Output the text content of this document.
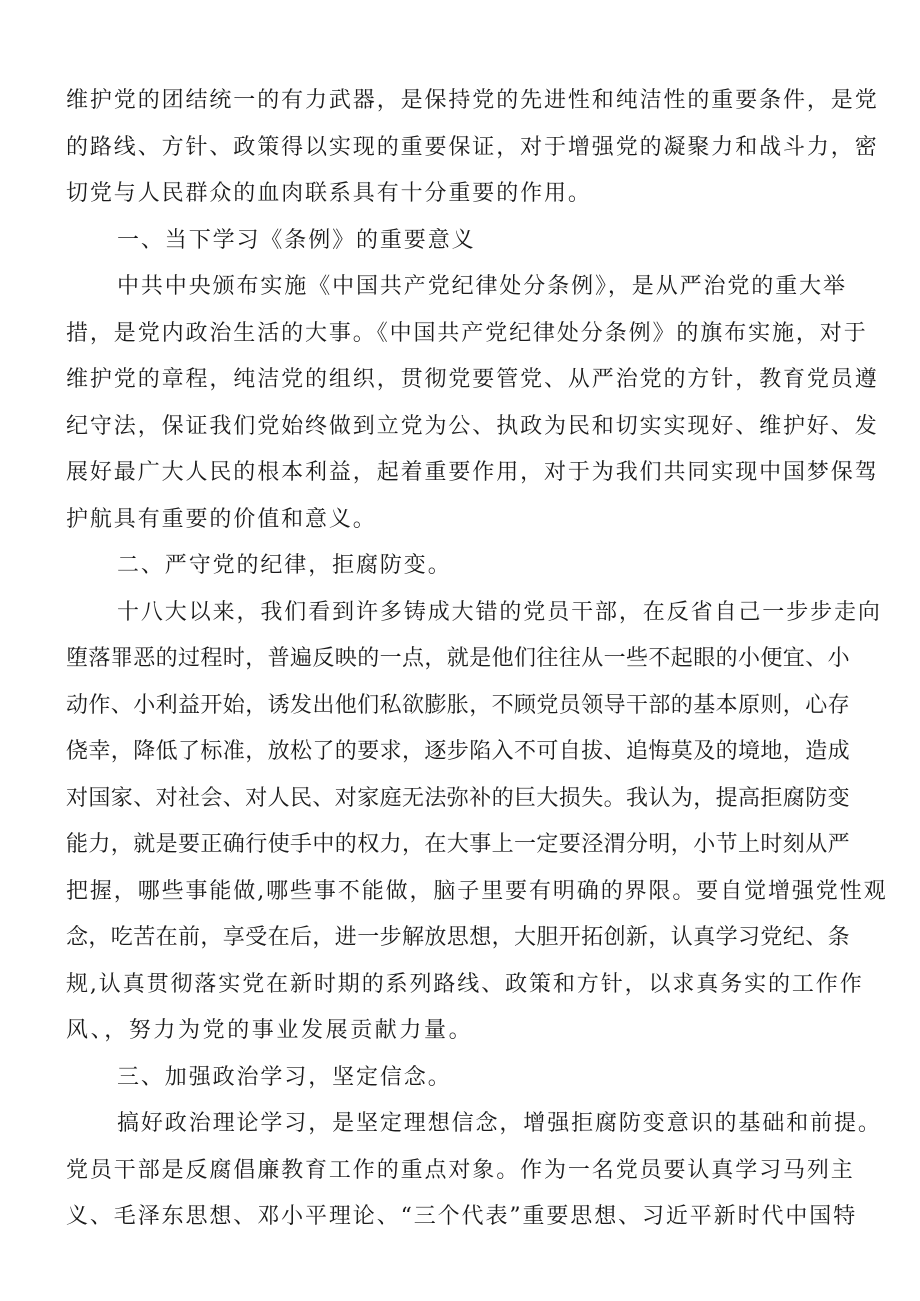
维护党的团结统一的有力武器，是保持党的先进性和纯洁性的重要条件，是党

的路线、方针、政策得以实现的重要保证，对于增强党的凝聚力和战斗力，密

切党与人民群众的血肉联系具有十分重要的作用。

一、当下学习《条例》的重要意义

中共中央颁布实施《中国共产党纪律处分条例》，是从严治党的重大举

措，是党内政治生活的大事。《中国共产党纪律处分条例》的旗布实施，对于

维护党的章程，纯洁党的组织，贯彻党要管党、从严治党的方针，教育党员遵

纪守法，保证我们党始终做到立党为公、执政为民和切实实现好、维护好、发

展好最广大人民的根本利益，起着重要作用，对于为我们共同实现中国梦保驾

护航具有重要的价值和意义。

二、严守党的纪律，拒腐防变。

十八大以来，我们看到许多铸成大错的党员干部，在反省自己一步步走向

堕落罪恶的过程时，普遍反映的一点，就是他们往往从一些不起眼的小便宜、小

动作、小利益开始，诱发出他们私欲膨胀，不顾党员领导干部的基本原则，心存

侥幸，降低了标准，放松了的要求，逐步陷入不可自拔、追悔莫及的境地，造成

对国家、对社会、对人民、对家庭无法弥补的巨大损失。我认为，提高拒腐防变

能力，就是要正确行使手中的权力，在大事上一定要泾渭分明，小节上时刻从严

把握，哪些事能做,哪些事不能做，脑子里要有明确的界限。要自觉增强党性观

念，吃苦在前，享受在后，进一步解放思想，大胆开拓创新，认真学习党纪、条

规,认真贯彻落实党在新时期的系列路线、政策和方针，以求真务实的工作作

风、，努力为党的事业发展贡献力量。

三、加强政治学习，坚定信念。

搞好政治理论学习，是坚定理想信念，增强拒腐防变意识的基础和前提。

党员干部是反腐倡廉教育工作的重点对象。作为一名党员要认真学习马列主

义、毛泽东思想、邓小平理论、“三个代表”重要思想、习近平新时代中国特
